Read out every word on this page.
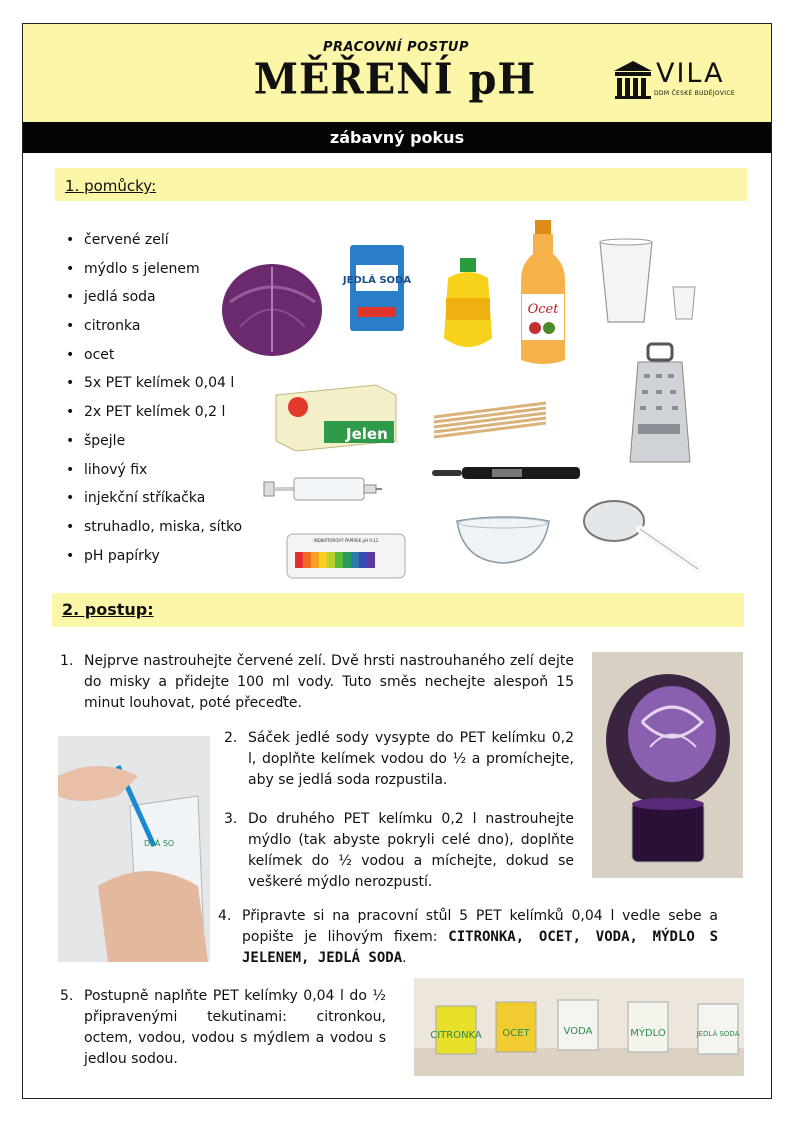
PRACOVNÍ POSTUP
MĚŘENÍ pH	VILA
DDM ČESKÉ BUDĚJOVICE
zábavný pokus
1. pomůcky:
• červené zelí
• mýdlo s jelenem
• jedlá soda
• citronka
• ocet
• 5x PET kelímek 0,04 l
• 2x PET kelímek 0,2 l
• špejle
• lihový fix
• injekční stříkačka
• struhadlo, miska, sítko
• pH papírky
JEDLÁ SODA
Ocet
Jelen
INDIKÁTOROVÝ PAPÍREK pH 0-12
2. postup:
1. Nejprve nastrouhejte červené zelí. Dvě hrsti nastrouhaného zelí dejte do misky a přidejte 100 ml vody. Tuto směs nechejte alespoň 15 minut louhovat, poté přeceďte.
2. Sáček jedlé sody vysypte do PET kelímku 0,2 l, doplňte kelímek vodou do ½ a promíchejte, aby se jedlá soda rozpustila.
DLÁ SO
3. Do druhého PET kelímku 0,2 l nastrouhejte mýdlo (tak abyste pokryli celé dno), doplňte kelímek do ½ vodou a míchejte, dokud se veškeré mýdlo nerozpustí.
4. Připravte si na pracovní stůl 5 PET kelímků 0,04 l vedle sebe a popište je lihovým fixem: CITRONKA, OCET, VODA, MÝDLO S JELENEM, JEDLÁ SODA.
5. Postupně naplňte PET kelímky 0,04 l do ½ připravenými tekutinami: citronkou, octem, vodou, vodou s mýdlem a vodou s jedlou sodou.
CITRONKA OCET	VODA	MÝDLO	JEDLÁ SODA
